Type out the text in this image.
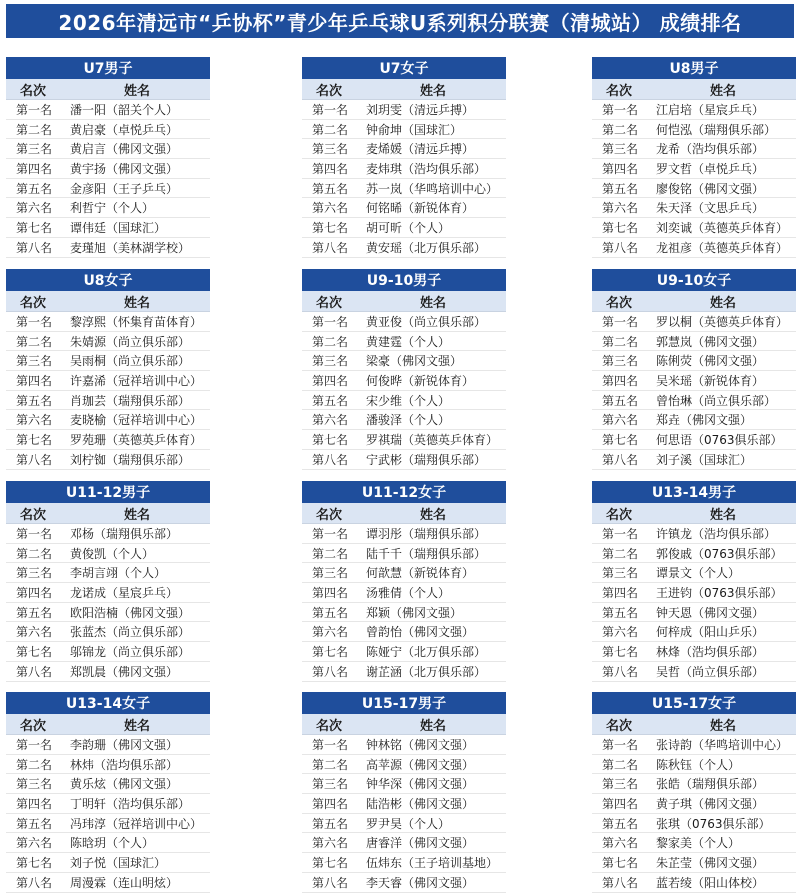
2026年清远市“乒协杯”青少年乒乓球U系列积分联赛（清城站） 成绩排名
U7男子
名次	姓名
第一名	潘一阳（韶关个人）
第二名	黄启豪（卓悦乒乓）
第三名	黄启言（佛冈文强）
第四名	黄宇扬（佛冈文强）
第五名	金彦阳（王子乒乓）
第六名	利哲宁（个人）
第七名	谭伟廷（国球汇）
第八名	麦瑾旭（美林湖学校）
U7女子
名次	姓名
第一名	刘玥雯（清远乒搏）
第二名	钟俞坤（国球汇）
第三名	麦烯媛（清远乒搏）
第四名	麦炜琪（浩均俱乐部）
第五名	苏一岚（华鸣培训中心）
第六名	何铭晞（新锐体育）
第七名	胡可昕（个人）
第八名	黄安瑶（北万俱乐部）
U8男子
名次	姓名
第一名	江启培（星宸乒乓）
第二名	何恺泓（瑞翔俱乐部）
第三名	龙希（浩均俱乐部）
第四名	罗文哲（卓悦乒乓）
第五名	廖俊铭（佛冈文强）
第六名	朱天泽（文思乒乓）
第七名	刘奕诚（英德英乒体育）
第八名	龙祖彦（英德英乒体育）
U8女子
名次	姓名
第一名	黎淳熙（怀集育苗体育）
第二名	朱婧源（尚立俱乐部）
第三名	吴雨桐（尚立俱乐部）
第四名	许嘉浠（冠祥培训中心）
第五名	肖珈芸（瑞翔俱乐部）
第六名	麦晓榆（冠祥培训中心）
第七名	罗苑珊（英德英乒体育）
第八名	刘柠铷（瑞翔俱乐部）
U9-10男子
名次	姓名
第一名	黄亚俊（尚立俱乐部）
第二名	黄建霆（个人）
第三名	梁豪（佛冈文强）
第四名	何俊晔（新锐体育）
第五名	宋少维（个人）
第六名	潘骏泽（个人）
第七名	罗祺瑞（英德英乒体育）
第八名	宁武彬（瑞翔俱乐部）
U9-10女子
名次	姓名
第一名	罗以桐（英德英乒体育）
第二名	郭慧岚（佛冈文强）
第三名	陈俐荧（佛冈文强）
第四名	吴米瑶（新锐体育）
第五名	曾怡琳（尚立俱乐部）
第六名	郑垚（佛冈文强）
第七名	何思语（0763俱乐部）
第八名	刘子溪（国球汇）
U11-12男子
名次	姓名
第一名	邓杨（瑞翔俱乐部）
第二名	黄俊凯（个人）
第三名	李胡言翊（个人）
第四名	龙诺成（星宸乒乓）
第五名	欧阳浩楠（佛冈文强）
第六名	张蓝杰（尚立俱乐部）
第七名	邬锦龙（尚立俱乐部）
第八名	郑凯晨（佛冈文强）
U11-12女子
名次	姓名
第一名	谭羽彤（瑞翔俱乐部）
第二名	陆千千（瑞翔俱乐部）
第三名	何歆慧（新锐体育）
第四名	汤雅倩（个人）
第五名	郑颖（佛冈文强）
第六名	曾韵怡（佛冈文强）
第七名	陈娅宁（北万俱乐部）
第八名	谢芷涵（北万俱乐部）
U13-14男子
名次	姓名
第一名	许镇龙（浩均俱乐部）
第二名	郭俊戚（0763俱乐部）
第三名	谭景文（个人）
第四名	王进钧（0763俱乐部）
第五名	钟天恩（佛冈文强）
第六名	何梓成（阳山乒乐）
第七名	林烽（浩均俱乐部）
第八名	吴哲（尚立俱乐部）
U13-14女子
名次	姓名
第一名	李韵珊（佛冈文强）
第二名	林炜（浩均俱乐部）
第三名	黄乐炫（佛冈文强）
第四名	丁明轩（浩均俱乐部）
第五名	冯玮淳（冠祥培训中心）
第六名	陈晗玥（个人）
第七名	刘子悦（国球汇）
第八名	周漫霖（连山明炫）
U15-17男子
名次	姓名
第一名	钟林铭（佛冈文强）
第二名	高苹源（佛冈文强）
第三名	钟华深（佛冈文强）
第四名	陆浩彬（佛冈文强）
第五名	罗尹昊（个人）
第六名	唐睿洋（佛冈文强）
第七名	伍炜东（王子培训基地）
第八名	李天睿（佛冈文强）
U15-17女子
名次	姓名
第一名	张诗韵（华鸣培训中心）
第二名	陈秋钰（个人）
第三名	张皓（瑞翔俱乐部）
第四名	黄子琪（佛冈文强）
第五名	张琪（0763俱乐部）
第六名	黎家美（个人）
第七名	朱芷莹（佛冈文强）
第八名	蓝若绫（阳山体校）
